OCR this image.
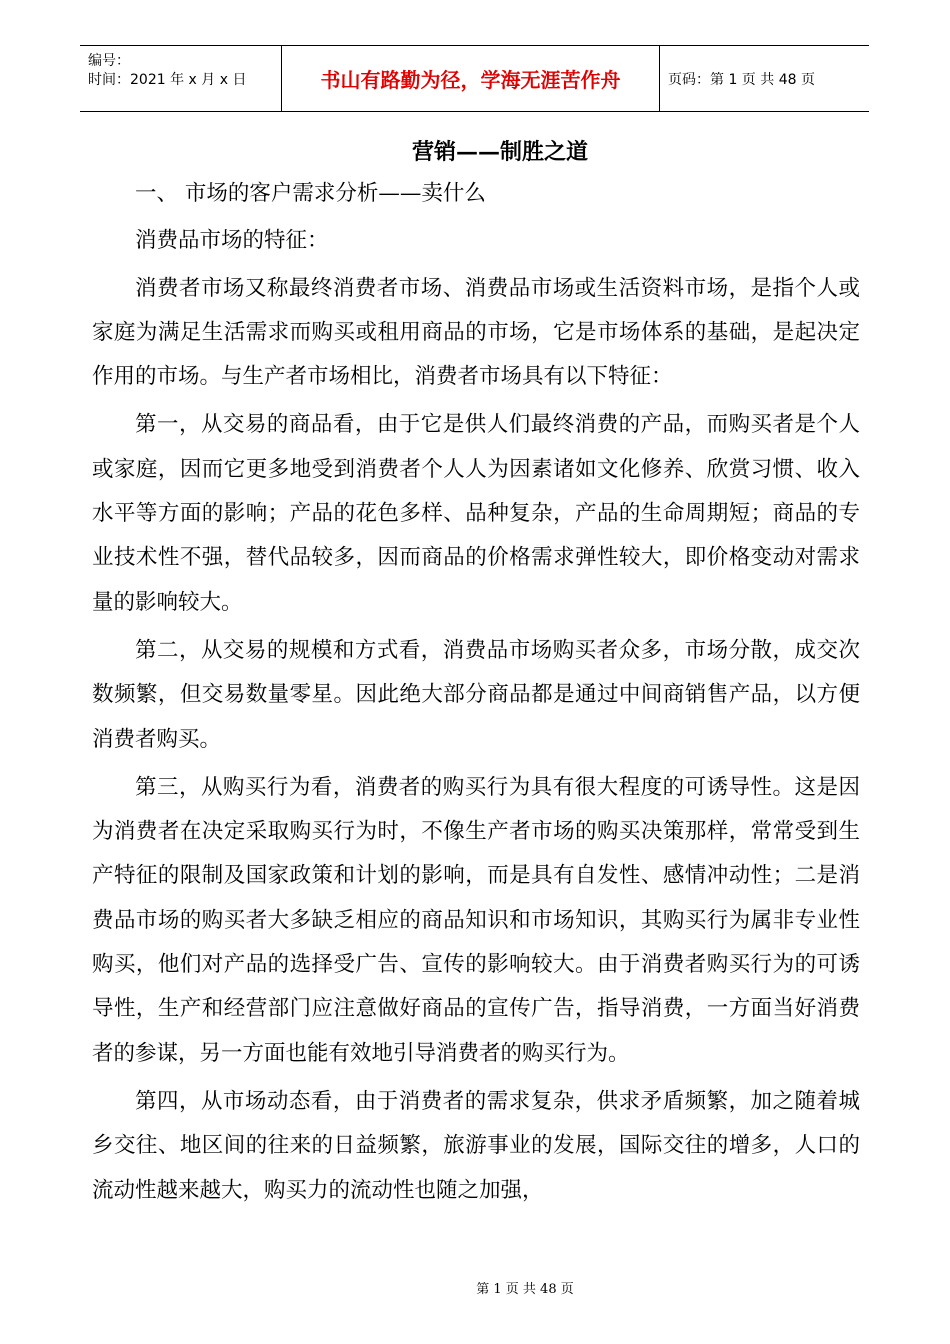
编号：
时间：2021 年 x 月 x 日	书山有路勤为径，学海无涯苦作舟	页码：第 1 页 共 48 页
营销——制胜之道

一、 市场的客户需求分析——卖什么

消费品市场的特征：

消费者市场又称最终消费者市场、消费品市场或生活资料市场，是指个人或家庭为满足生活需求而购买或租用商品的市场，它是市场体系的基础，是起决定作用的市场。与生产者市场相比，消费者市场具有以下特征：

第一，从交易的商品看，由于它是供人们最终消费的产品，而购买者是个人或家庭，因而它更多地受到消费者个人人为因素诸如文化修养、欣赏习惯、收入水平等方面的影响；产品的花色多样、品种复杂，产品的生命周期短；商品的专业技术性不强，替代品较多，因而商品的价格需求弹性较大，即价格变动对需求量的影响较大。

第二，从交易的规模和方式看，消费品市场购买者众多，市场分散，成交次数频繁，但交易数量零星。因此绝大部分商品都是通过中间商销售产品，以方便消费者购买。

第三，从购买行为看，消费者的购买行为具有很大程度的可诱导性。这是因为消费者在决定采取购买行为时，不像生产者市场的购买决策那样，常常受到生产特征的限制及国家政策和计划的影响，而是具有自发性、感情冲动性；二是消费品市场的购买者大多缺乏相应的商品知识和市场知识，其购买行为属非专业性购买，他们对产品的选择受广告、宣传的影响较大。由于消费者购买行为的可诱导性，生产和经营部门应注意做好商品的宣传广告，指导消费，一方面当好消费者的参谋，另一方面也能有效地引导消费者的购买行为。

第四，从市场动态看，由于消费者的需求复杂，供求矛盾频繁，加之随着城乡交往、地区间的往来的日益频繁，旅游事业的发展，国际交往的增多，人口的流动性越来越大，购买力的流动性也随之加强，

第 1 页 共 48 页
